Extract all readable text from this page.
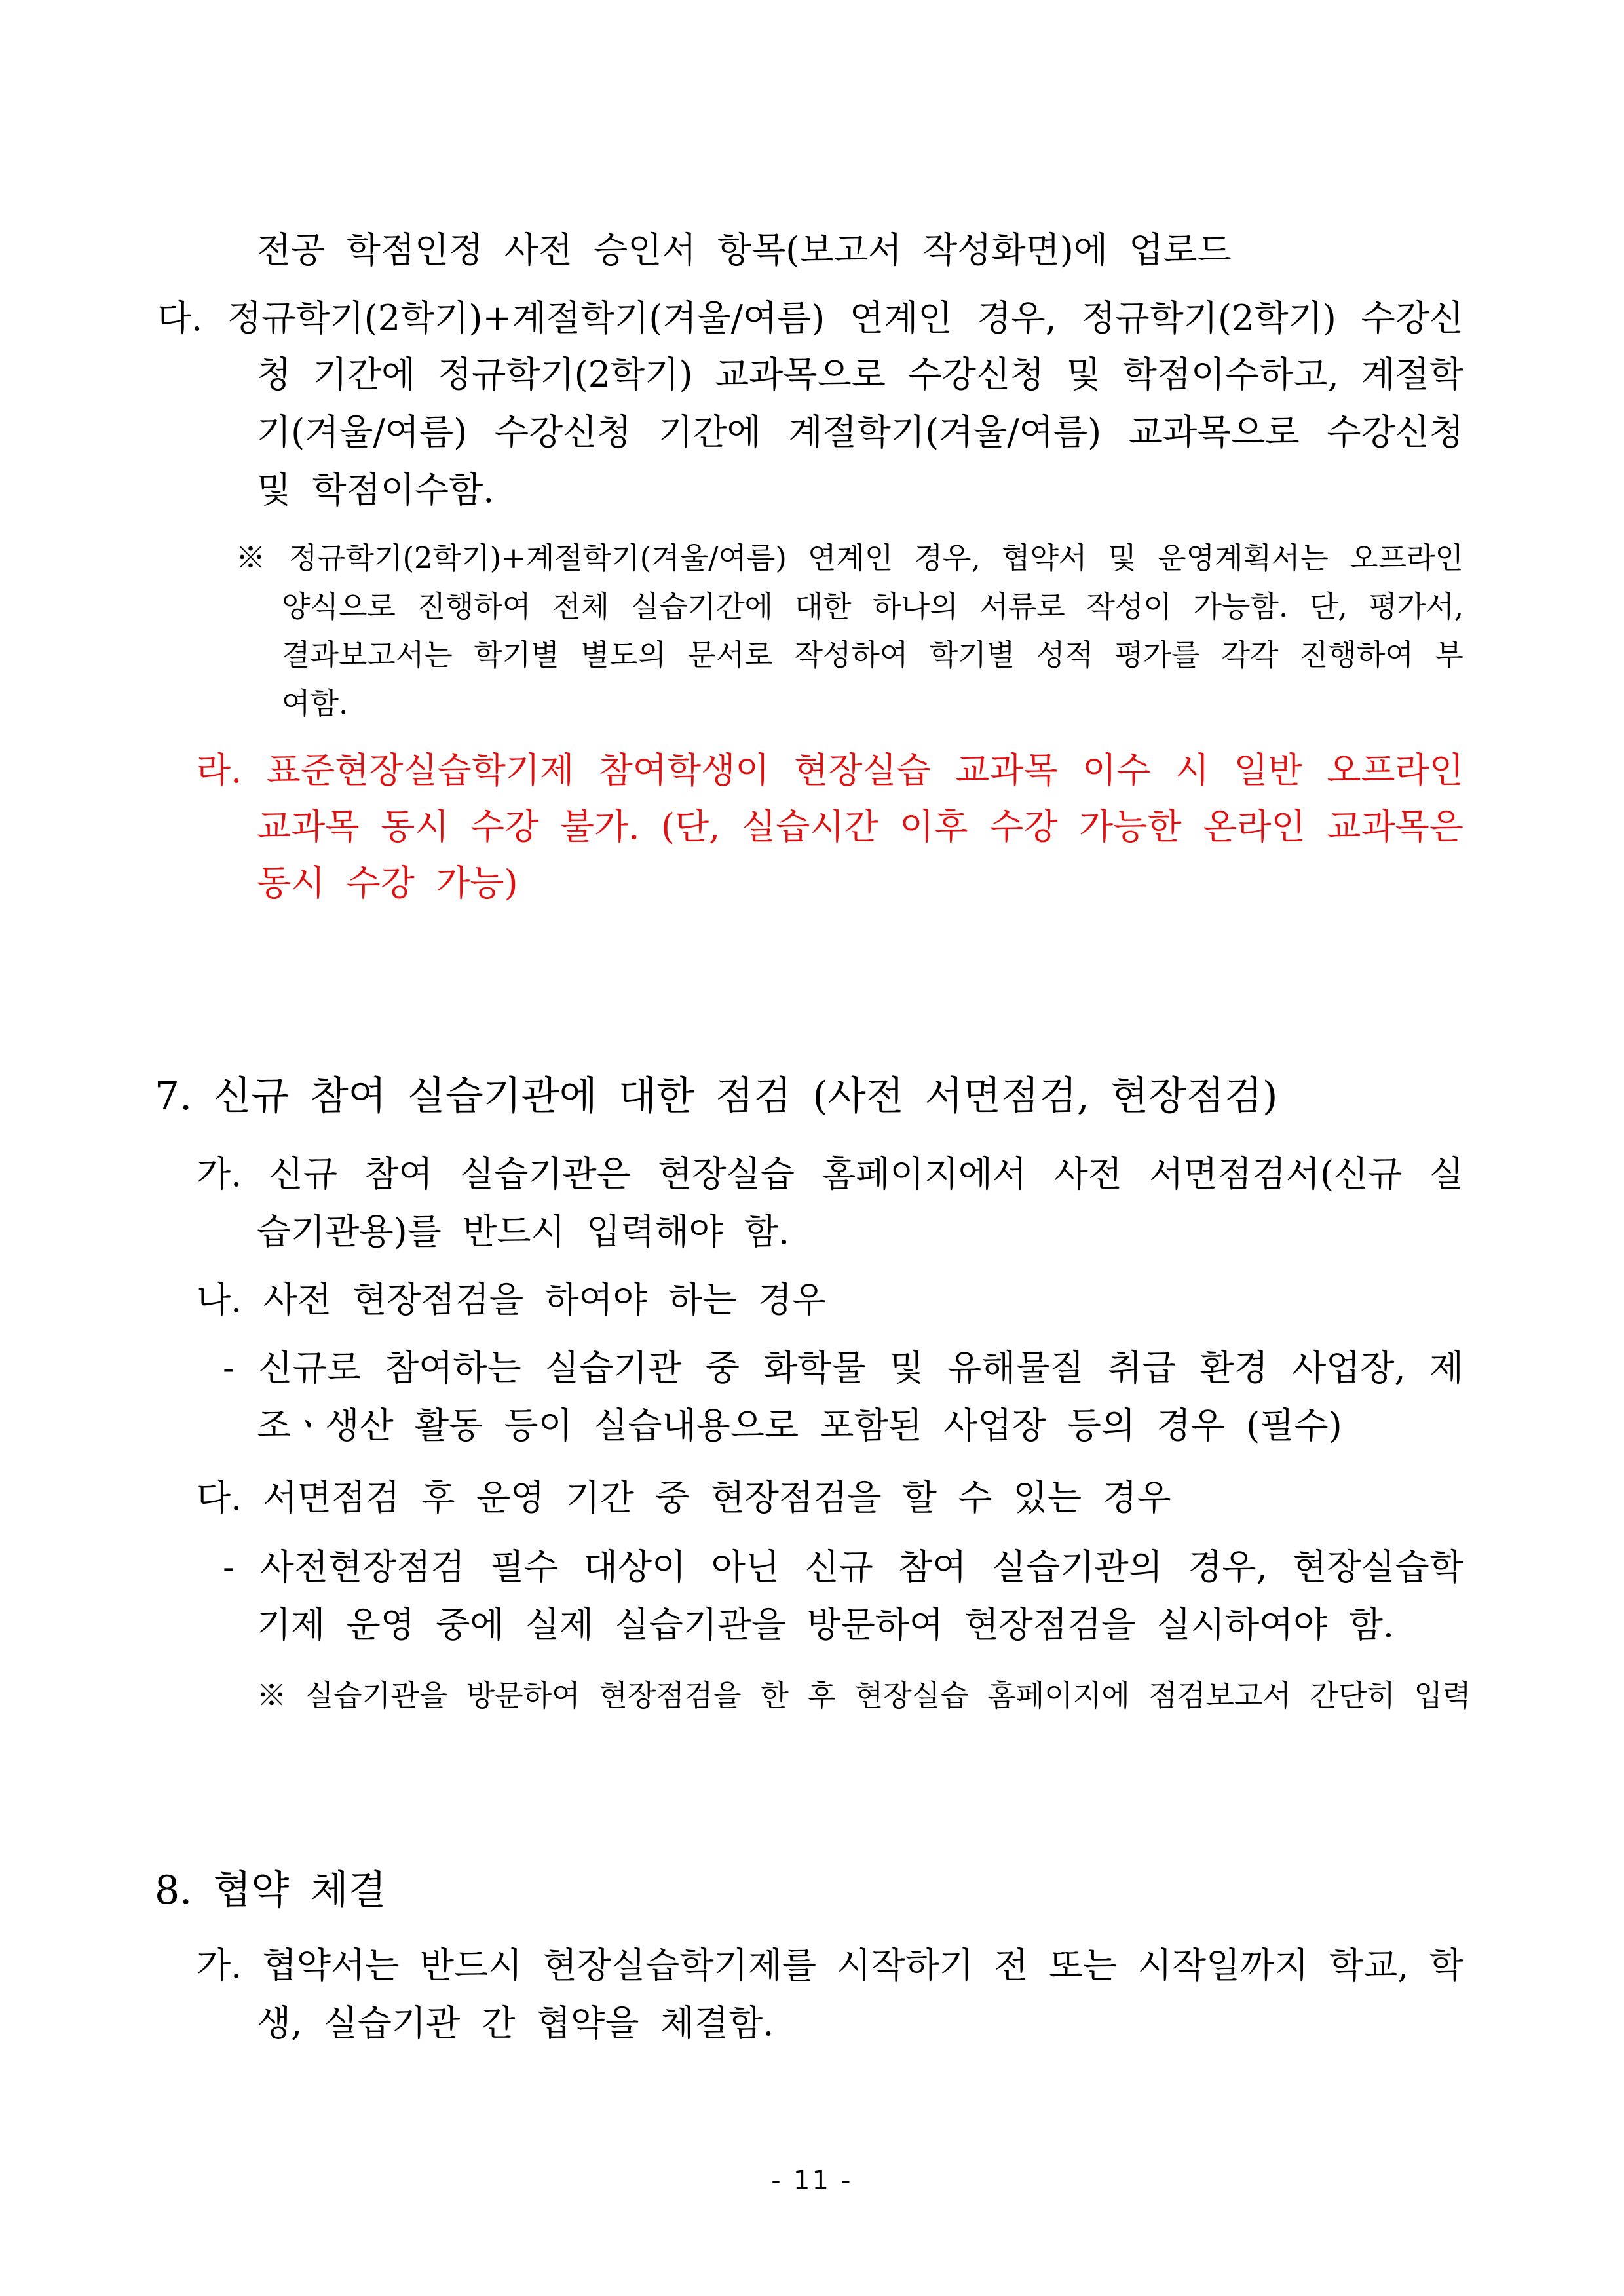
전공 학점인정 사전 승인서 항목(보고서 작성화면)에 업로드
다. 정규학기(2학기)+계절학기(겨울/여름) 연계인 경우, 정규학기(2학기) 수강신
청 기간에 정규학기(2학기) 교과목으로 수강신청 및 학점이수하고, 계절학
기(겨울/여름) 수강신청 기간에 계절학기(겨울/여름) 교과목으로 수강신청
및 학점이수함.
※ 정규학기(2학기)+계절학기(겨울/여름) 연계인 경우, 협약서 및 운영계획서는 오프라인
양식으로 진행하여 전체 실습기간에 대한 하나의 서류로 작성이 가능함. 단, 평가서,
결과보고서는 학기별 별도의 문서로 작성하여 학기별 성적 평가를 각각 진행하여 부
여함.
라. 표준현장실습학기제 참여학생이 현장실습 교과목 이수 시 일반 오프라인
교과목 동시 수강 불가. (단, 실습시간 이후 수강 가능한 온라인 교과목은
동시 수강 가능)
7. 신규 참여 실습기관에 대한 점검 (사전 서면점검, 현장점검)
가. 신규 참여 실습기관은 현장실습 홈페이지에서 사전 서면점검서(신규 실
습기관용)를 반드시 입력해야 함.
나. 사전 현장점검을 하여야 하는 경우
- 신규로 참여하는 실습기관 중 화학물 및 유해물질 취급 환경 사업장, 제
조ㆍ생산 활동 등이 실습내용으로 포함된 사업장 등의 경우 (필수)
다. 서면점검 후 운영 기간 중 현장점검을 할 수 있는 경우
- 사전현장점검 필수 대상이 아닌 신규 참여 실습기관의 경우, 현장실습학
기제 운영 중에 실제 실습기관을 방문하여 현장점검을 실시하여야 함.
※ 실습기관을 방문하여 현장점검을 한 후 현장실습 홈페이지에 점검보고서 간단히 입력
8. 협약 체결
가. 협약서는 반드시 현장실습학기제를 시작하기 전 또는 시작일까지 학교, 학
생, 실습기관 간 협약을 체결함.
- 11 -
